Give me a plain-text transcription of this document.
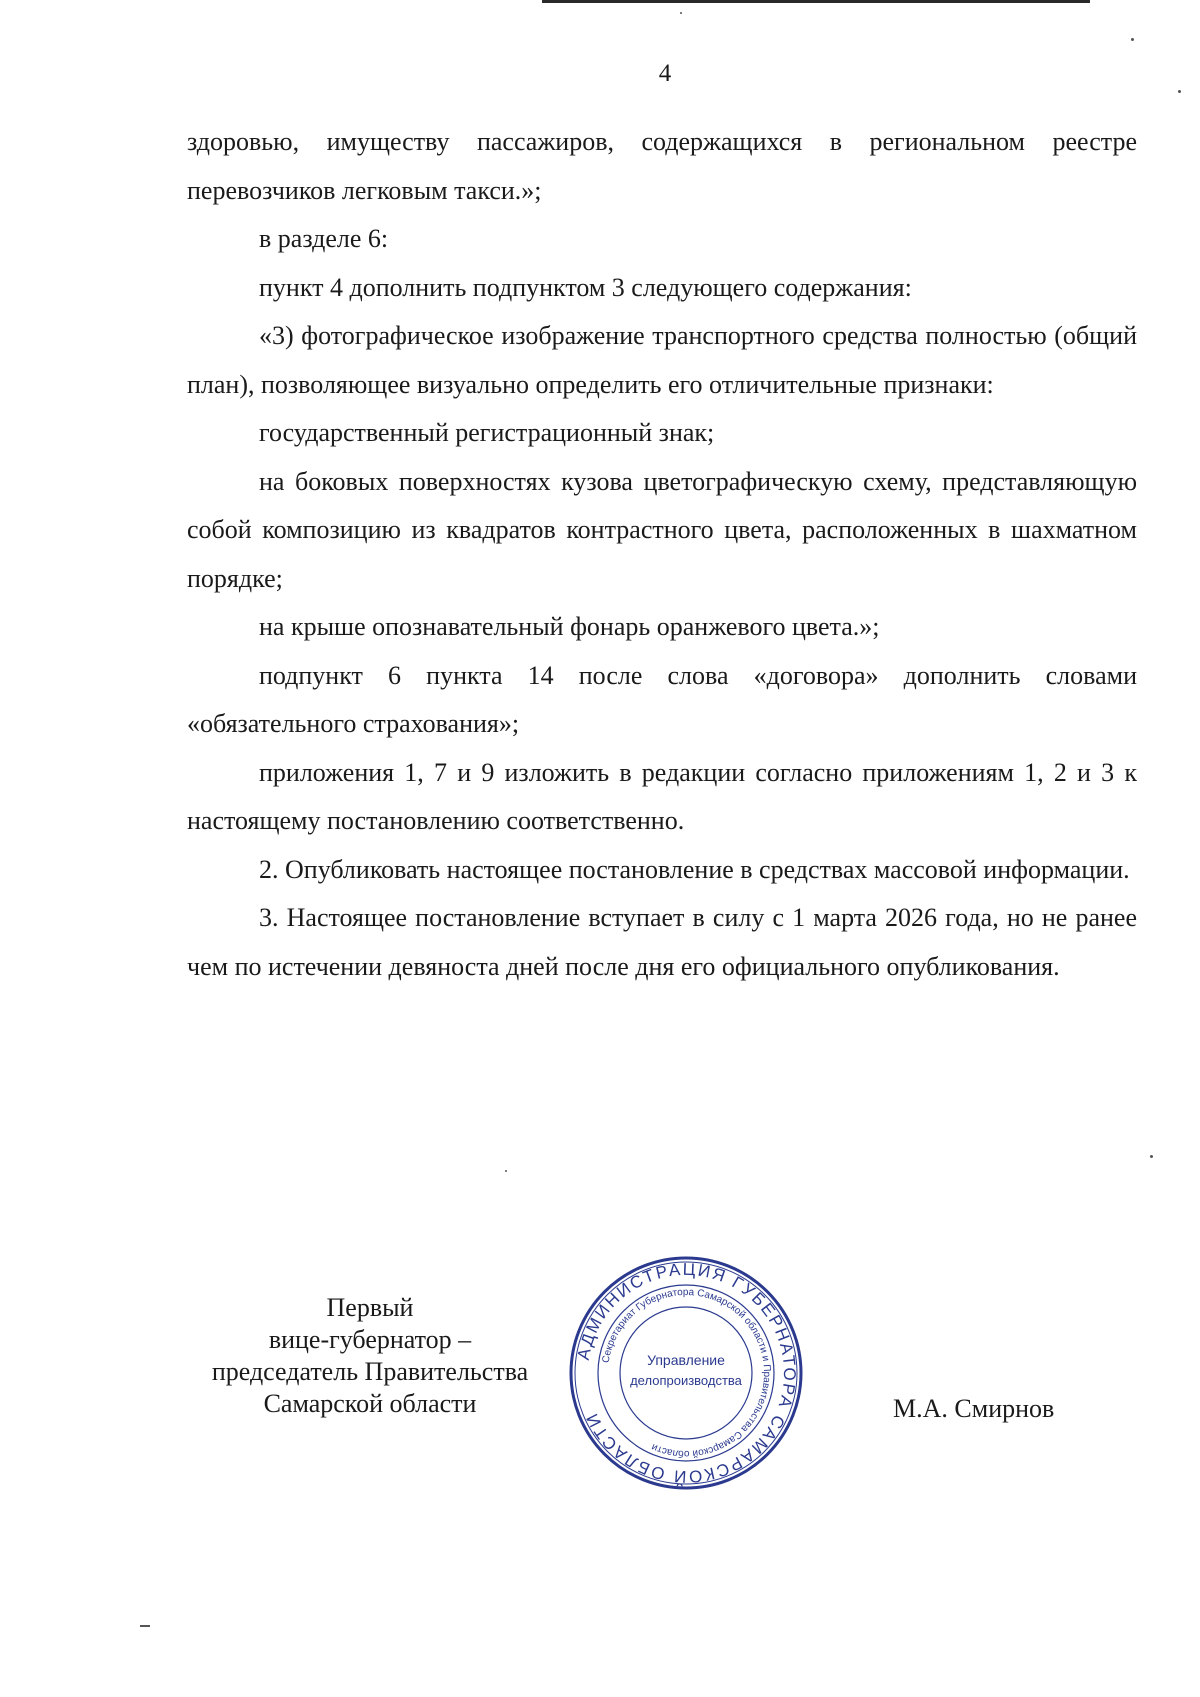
4

здоровью, имуществу пассажиров, содержащихся в региональном реестре перевозчиков легковым такси.»;

в разделе 6:

пункт 4 дополнить подпунктом 3 следующего содержания:

«3) фотографическое изображение транспортного средства полностью (общий план), позволяющее визуально определить его отличительные признаки:

государственный регистрационный знак;

на боковых поверхностях кузова цветографическую схему, представляющую собой композицию из квадратов контрастного цвета, расположенных в шахматном порядке;

на крыше опознавательный фонарь оранжевого цвета.»;

подпункт 6 пункта 14 после слова «договора» дополнить словами «обязательного страхования»;

приложения 1, 7 и 9 изложить в редакции согласно приложениям 1, 2 и 3 к настоящему постановлению соответственно.

2. Опубликовать настоящее постановление в средствах массовой информации.

3. Настоящее постановление вступает в силу с 1 марта 2026 года, но не ранее чем по истечении девяноста дней после дня его официального опубликования.

Первый
вице-губернатор –
председатель Правительства
Самарской области	М.А. Смирнов
АДМИНИСТРАЦИЯ ГУБЕРНАТОРА САМАРСКОЙ ОБЛАСТИ
Секретариат Губернатора Самарской области и Правительства Самарской области
Управление
делопроизводства
